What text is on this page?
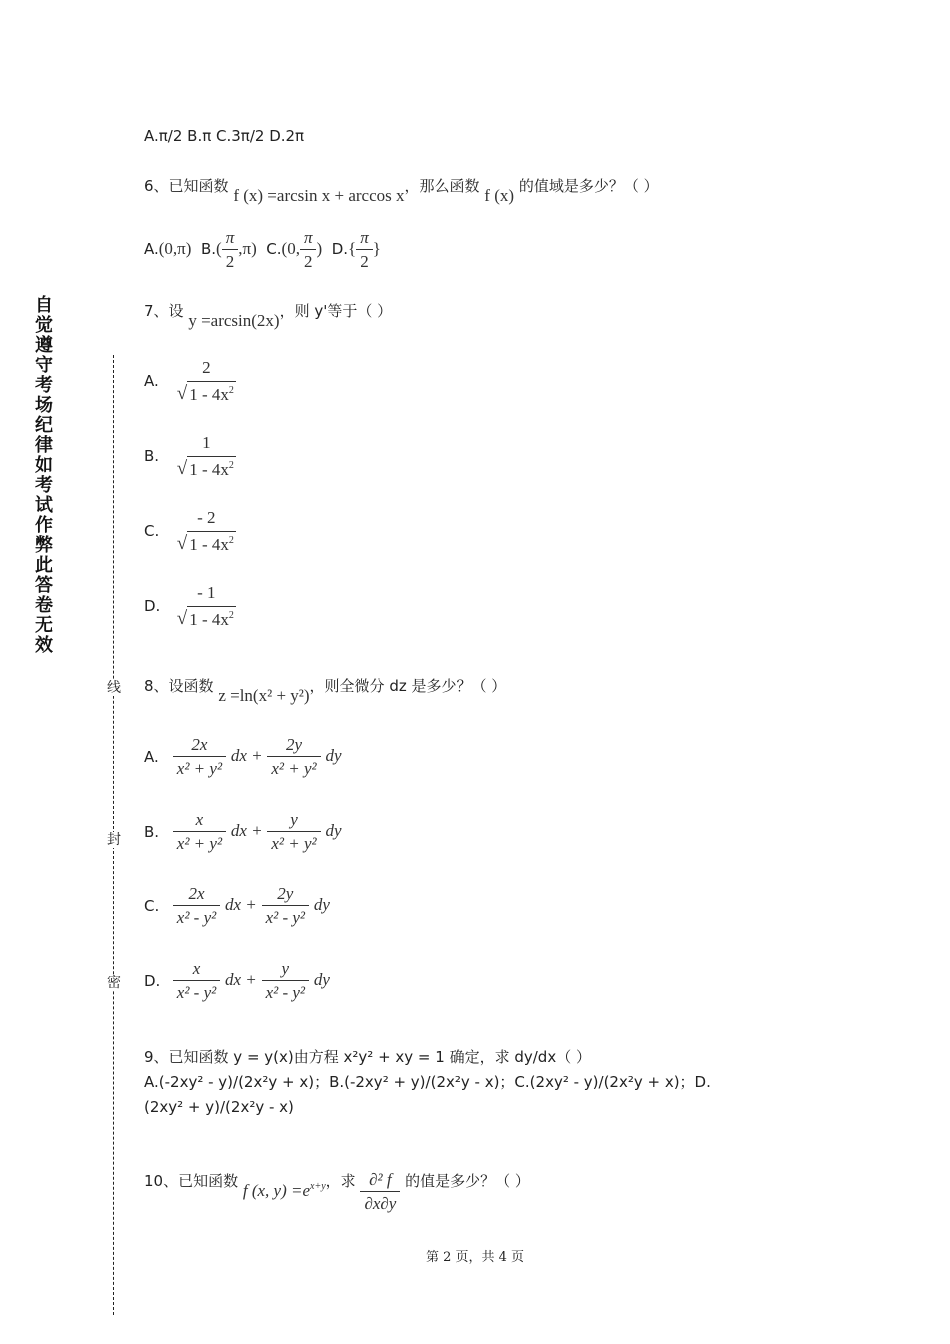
自觉遵守考场纪律如考试作弊此答卷无效
线
封
密
A.π/2 B.π C.3π/2 D.2π
6、已知函数 f (x) =arcsin x + arccos x，那么函数 f (x) 的值域是多少？（ ）
A.(0,π) $B.( \frac{\pi}{2} ,\pi)$ C.(0, $\frac{\pi}{2}$ ) $D.\{ \frac{\pi}{2}$ }
7、设 y =arcsin(2x)，则 y'等于（ ）
A.
2
√ $1 - 4x^2$
B.
1
√ $1 - 4x^2$
C.
- 2
√ $1 - 4x^2$
D.
- 1
√ $1 - 4x^2$
8、设函数 z =ln(x² + y²)，则全微分 dz 是多少？（ ）
A. $\frac{2x}{\text{x² + y²}}$ dx + $\frac{2y}{\text{x² + y²}}$ dy
B. $\frac{x}{\text{x² + y²}}$ dx + $\frac{y}{\text{x² + y²}}$ dy
C. $\frac{2x}{\text{x² - y²}}$ dx + $\frac{2y}{\text{x² - y²}}$ dy
D. $\frac{x}{\text{x² - y²}}$ dx + $\frac{y}{\text{x² - y²}}$ dy
9、已知函数 y = y(x)由方程 x²y² + xy = 1 确定，求 dy/dx（ ）
A.(-2xy² - y)/(2x²y + x)；B.(-2xy² + y)/(2x²y - x)；C.(2xy² - y)/(2x²y + x)；D.
(2xy² + y)/(2x²y - x)
10、已知函数 f (x, $y) =e^{x+y}$，求 $\frac{\text{∂² f}}{\partial x\partial y}$ 的值是多少？（ ）
第 2 页，共 4 页
